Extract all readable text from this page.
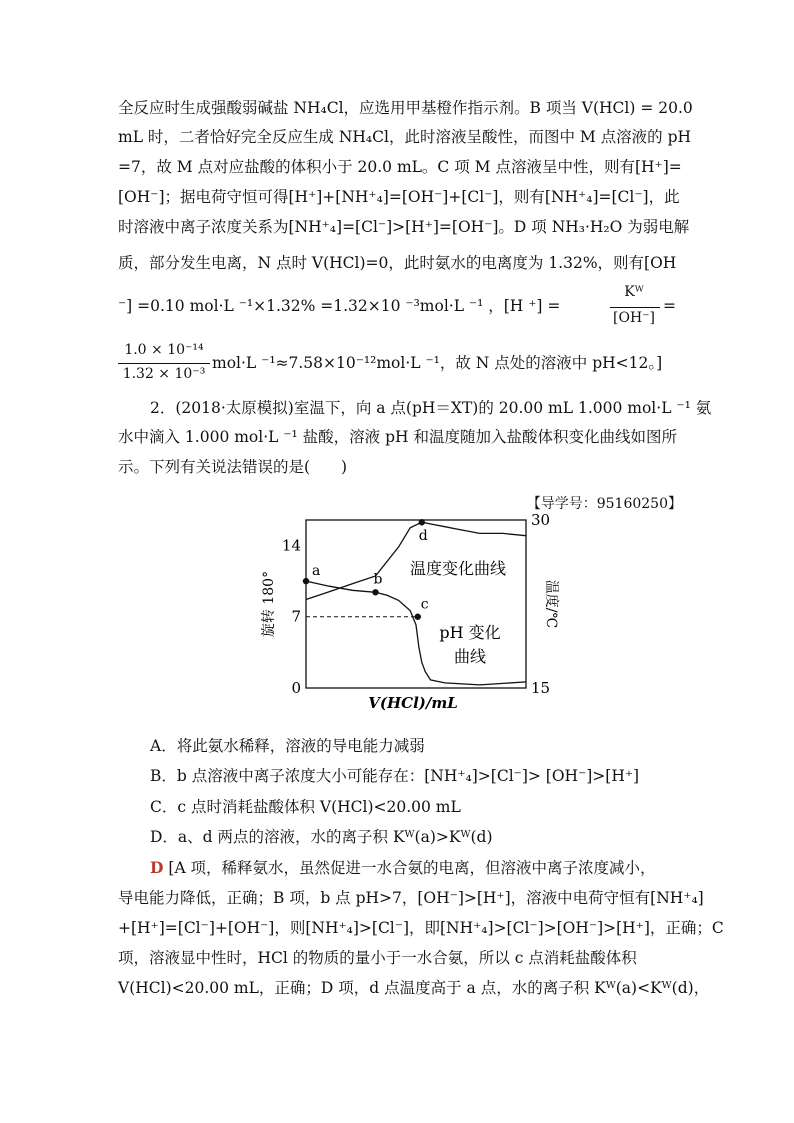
全反应时生成强酸弱碱盐 NH₄Cl，应选用甲基橙作指示剂。B 项当 V(HCl) = 20.0
mL 时，二者恰好完全反应生成 NH₄Cl，此时溶液呈酸性，而图中 M 点溶液的 pH
=7，故 M 点对应盐酸的体积小于 20.0 mL。C 项 M 点溶液呈中性，则有[H⁺]=
[OH⁻]；据电荷守恒可得[H⁺]+[NH⁺₄]=[OH⁻]+[Cl⁻]，则有[NH⁺₄]=[Cl⁻]，此
时溶液中离子浓度关系为[NH⁺₄]=[Cl⁻]>[H⁺]=[OH⁻]。D 项 NH₃·H₂O 为弱电解
质，部分发生电离，N 点时 V(HCl)=0，此时氨水的电离度为 1.32%，则有[OH
⁻] =0.10 mol·L ⁻¹×1.32% =1.32×10 ⁻³mol·L ⁻¹ ，[H ⁺] =
Kᵂ
[OH⁻]
=
1.0 × 10⁻¹⁴
1.32 × 10⁻³
mol·L ⁻¹≈7.58×10⁻¹²mol·L ⁻¹，故 N 点处的溶液中 pH<12。]
2．(2018·太原模拟)室温下，向 a 点(pH＝XT)的 20.00 mL 1.000 mol·L ⁻¹ 氨
水中滴入 1.000 mol·L ⁻¹ 盐酸，溶液 pH 和温度随加入盐酸体积变化曲线如图所
示。下列有关说法错误的是(　　)
【导学号：95160250】
a
b
c
d
0
7
14
15
30
旋转 180°	温度/℃
V(HCl)/mL
温度变化曲线
pH 变化
曲线
A．将此氨水稀释，溶液的导电能力减弱
B．b 点溶液中离子浓度大小可能存在：[NH⁺₄]>[Cl⁻]> [OH⁻]>[H⁺]
C．c 点时消耗盐酸体积 V(HCl)<20.00 mL
D．a、d 两点的溶液，水的离子积 Kᵂ(a)>Kᵂ(d)
D [A 项，稀释氨水，虽然促进一水合氨的电离，但溶液中离子浓度减小，
导电能力降低，正确；B 项，b 点 pH>7，[OH⁻]>[H⁺]，溶液中电荷守恒有[NH⁺₄]
+[H⁺]=[Cl⁻]+[OH⁻]，则[NH⁺₄]>[Cl⁻]，即[NH⁺₄]>[Cl⁻]>[OH⁻]>[H⁺]，正确；C
项，溶液显中性时，HCl 的物质的量小于一水合氨，所以 c 点消耗盐酸体积
V(HCl)<20.00 mL，正确；D 项，d 点温度高于 a 点，水的离子积 Kᵂ(a)<Kᵂ(d)，
